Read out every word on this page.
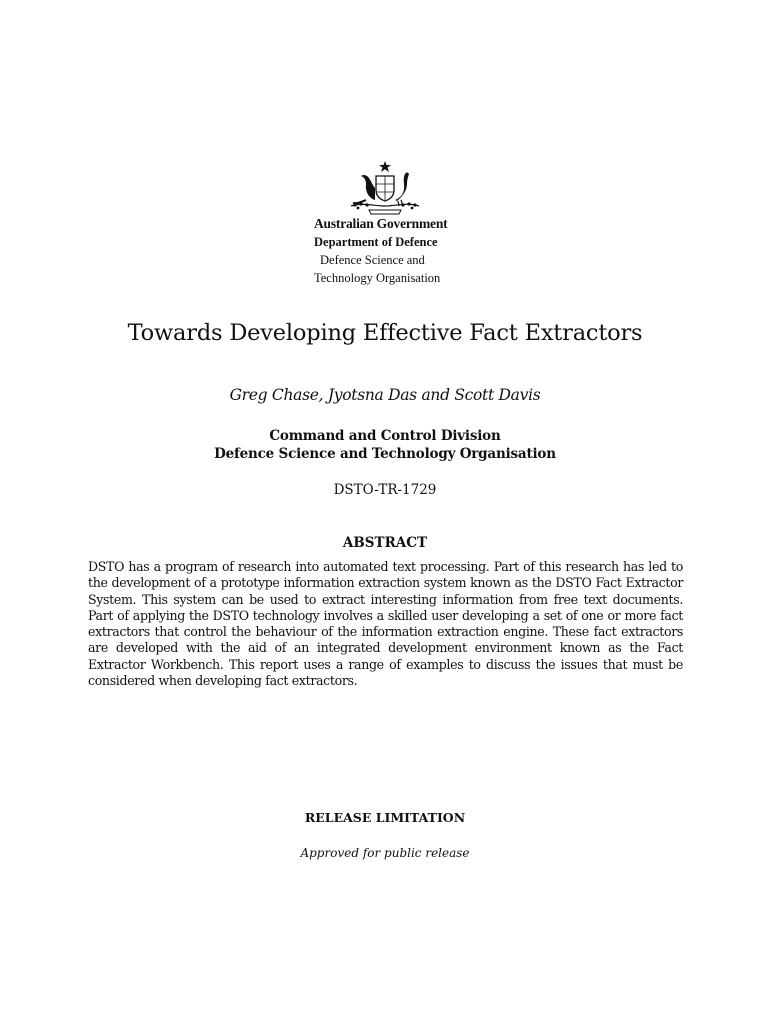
Australian Government
Department of Defence
Defence Science and
Technology Organisation
Towards Developing Effective Fact Extractors
Greg Chase, Jyotsna Das and Scott Davis
Command and Control Division
Defence Science and Technology Organisation
DSTO-TR-1729
ABSTRACT

DSTO has a program of research into automated text processing. Part of this research has led to the development of a prototype information extraction system known as the DSTO Fact Extractor System. This system can be used to extract interesting information from free text documents. Part of applying the DSTO technology involves a skilled user developing a set of one or more fact extractors that control the behaviour of the information extraction engine. These fact extractors are developed with the aid of an integrated development environment known as the Fact Extractor Workbench. This report uses a range of examples to discuss the issues that must be considered when developing fact extractors.

RELEASE LIMITATION
Approved for public release
